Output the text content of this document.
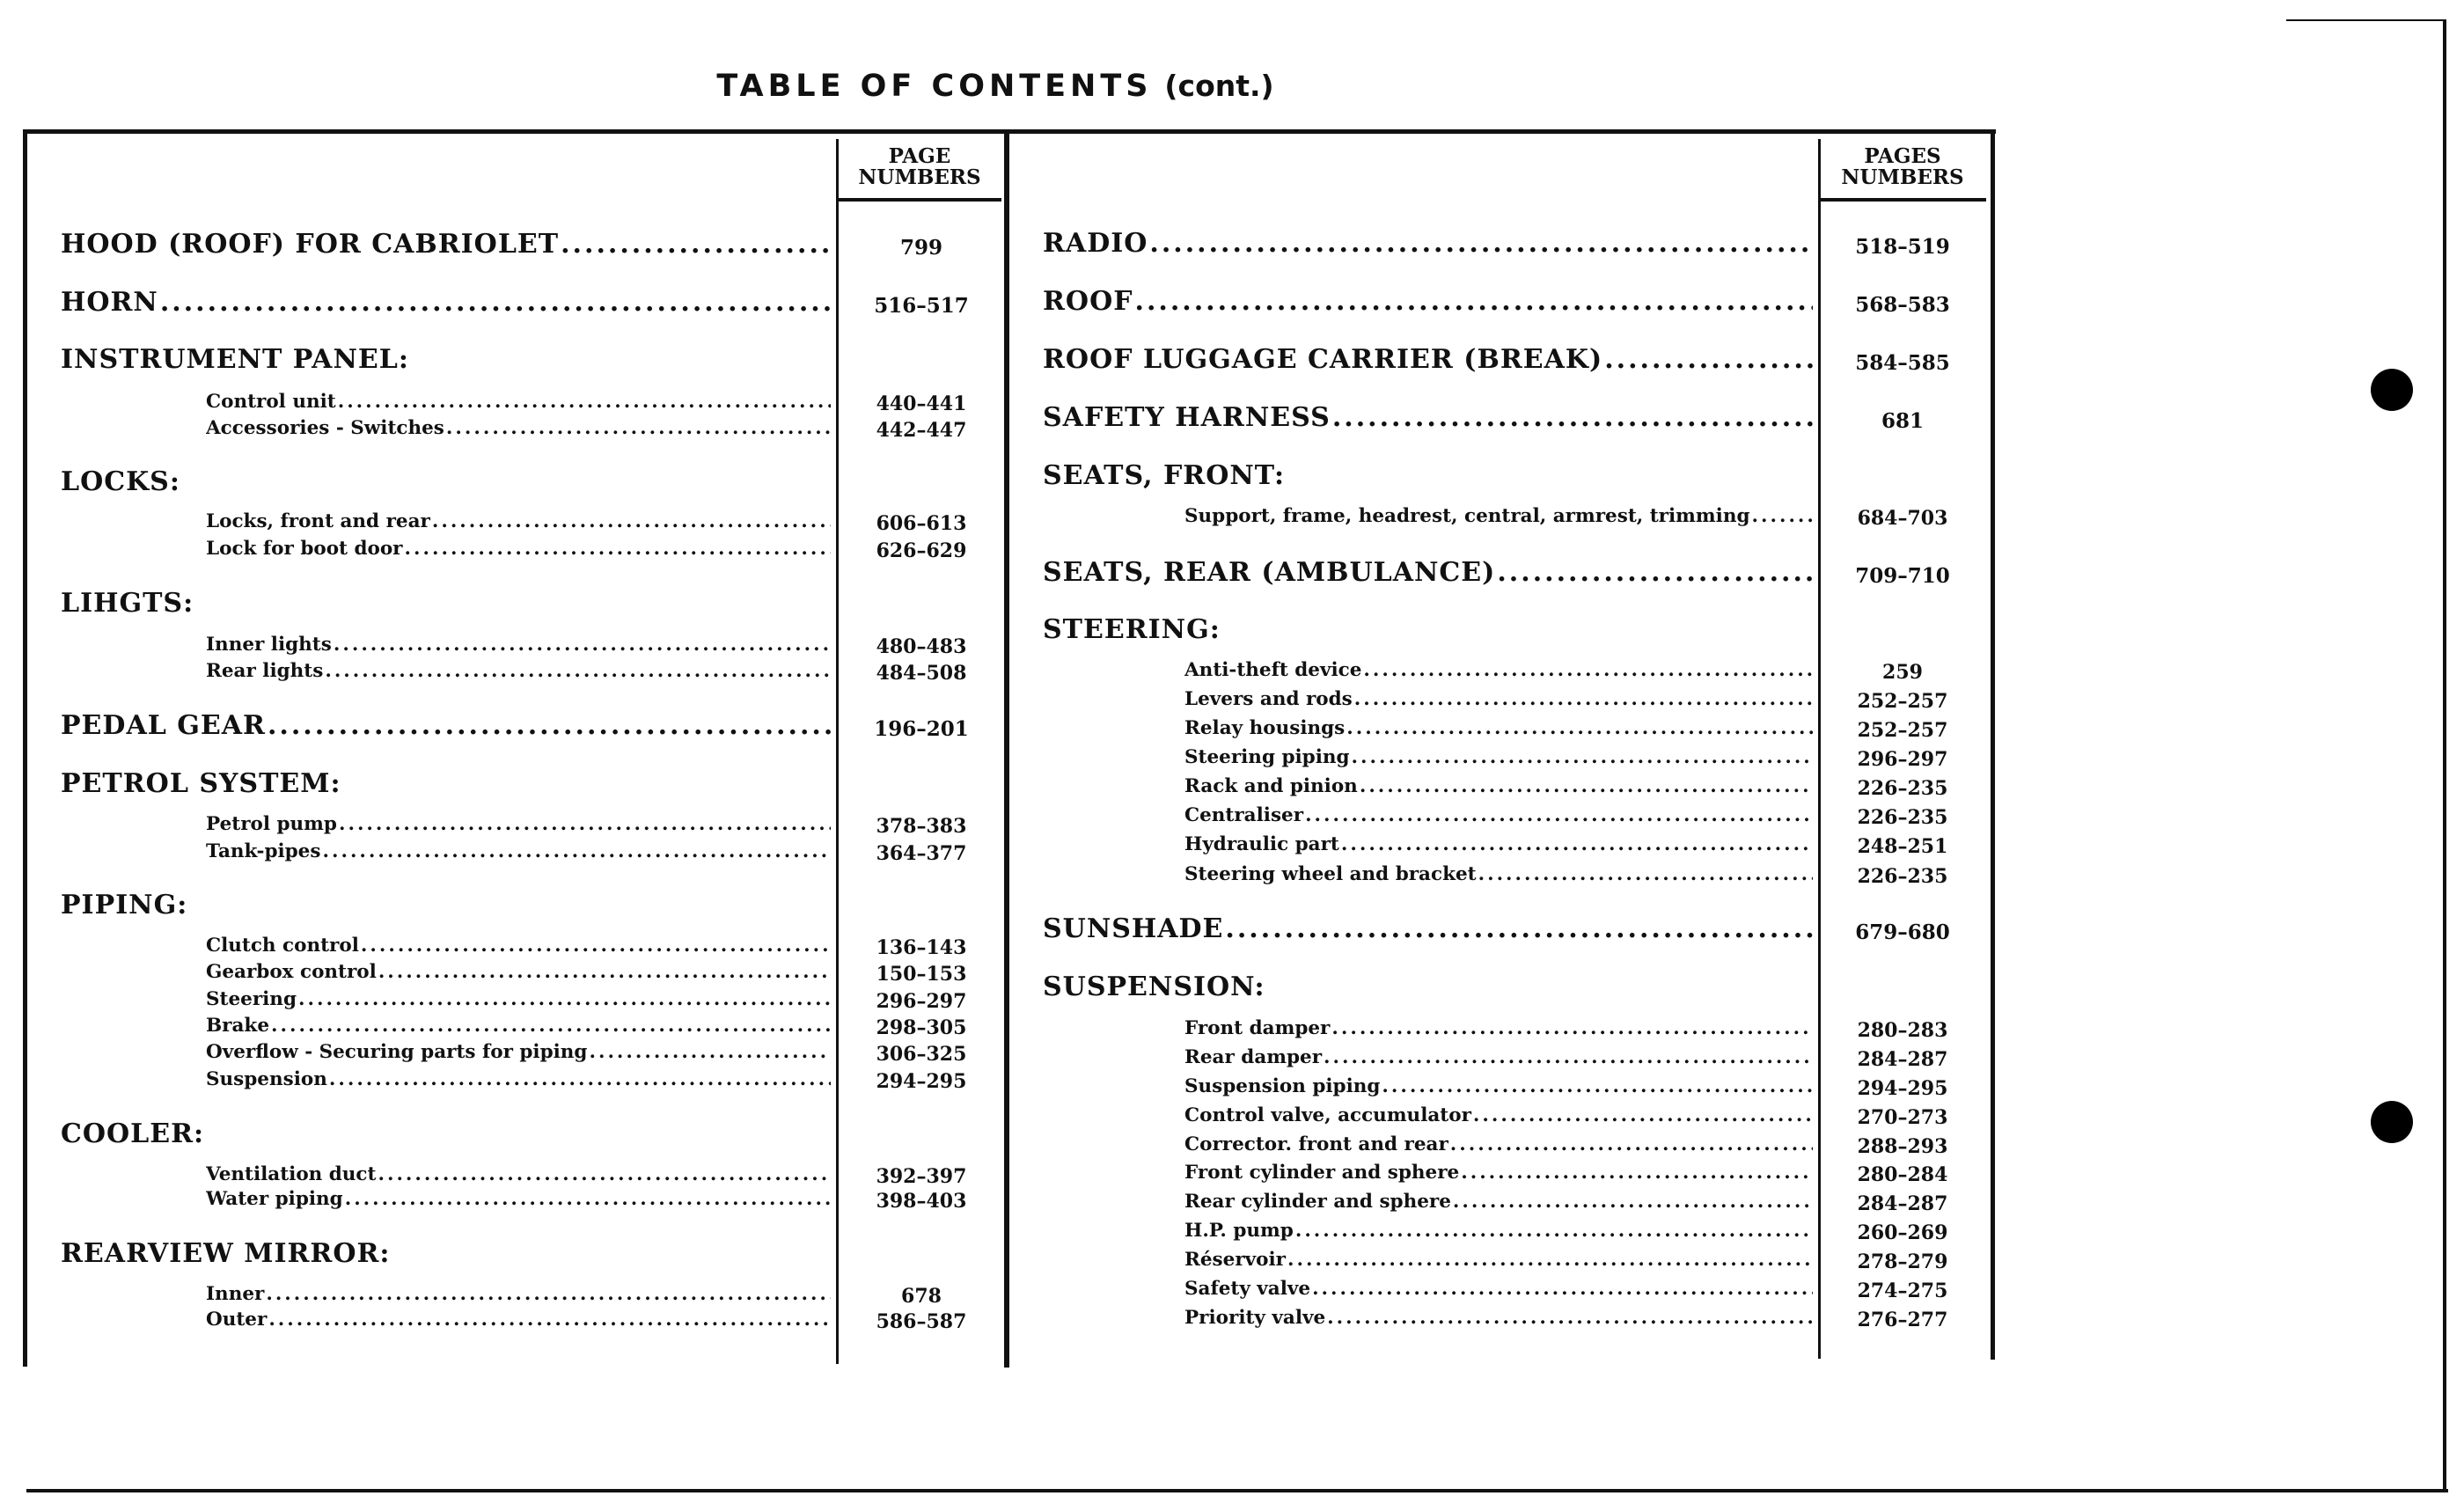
TABLE OF CONTENTS (cont.)
PAGE
NUMBERS
PAGES
NUMBERS
HOOD (ROOF) FOR CABRIOLET .....	799
HORN .....	516–517
INSTRUMENT PANEL:
Control unit .....	440–441
Accessories - Switches .....	442–447
LOCKS:
Locks, front and rear .....	606–613
Lock for boot door .....	626–629
LIHGTS:
Inner lights .....	480–483
Rear lights .....	484–508
PEDAL GEAR .....	196–201
PETROL SYSTEM:
Petrol pump .....	378–383
Tank-pipes .....	364–377
PIPING:
Clutch control .....	136–143
Gearbox control .....	150–153
Steering .....	296–297
Brake .....	298–305
Overflow - Securing parts for piping .....	306–325
Suspension .....	294–295
COOLER:
Ventilation duct .....	392–397
Water piping .....	398–403
REARVIEW MIRROR:
Inner .....	678
Outer .....	586–587
RADIO .....	518–519
ROOF .....	568–583
ROOF LUGGAGE CARRIER (BREAK) .....	584–585
SAFETY HARNESS .....	681
SEATS, FRONT:
Support, frame, headrest, central, armrest, trimming .....	684–703
SEATS, REAR (AMBULANCE) .....	709–710
STEERING:
Anti-theft device .....	259
Levers and rods .....	252–257
Relay housings .....	252–257
Steering piping .....	296–297
Rack and pinion .....	226–235
Centraliser .....	226–235
Hydraulic part .....	248–251
Steering wheel and bracket .....	226–235
SUNSHADE .....	679–680
SUSPENSION:
Front damper .....	280–283
Rear damper .....	284–287
Suspension piping .....	294–295
Control valve, accumulator .....	270–273
Corrector. front and rear .....	288–293
Front cylinder and sphere .....	280–284
Rear cylinder and sphere .....	284–287
H.P. pump .....	260–269
Réservoir .....	278–279
Safety valve .....	274–275
Priority valve .....	276–277
